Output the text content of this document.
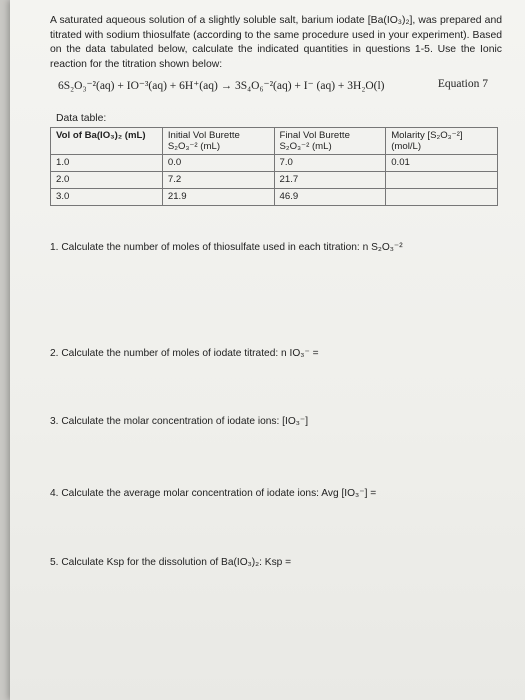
A saturated aqueous solution of a slightly soluble salt, barium iodate [Ba(IO₃)₂], was prepared and titrated with sodium thiosulfate (according to the same procedure used in your experiment). Based on the data tabulated below, calculate the indicated quantities in questions 1-5. Use the Ionic reaction for the titration shown below:

6S₂O₃⁻²(aq) + IO⁻³(aq) + 6H⁺(aq) → 3S₄O₆⁻²(aq) + I⁻ (aq) + 3H₂O(l)	Equation 7
Data table:
Vol of Ba(IO₃)₂ (mL)	Initial Vol Burette S₂O₃⁻² (mL)	Final Vol Burette S₂O₃⁻² (mL)	Molarity [S₂O₃⁻²] (mol/L)
1.0	0.0	7.0	0.01
2.0	7.2	21.7	
3.0	21.9	46.9	
1. Calculate the number of moles of thiosulfate used in each titration: n S₂O₃⁻²
2. Calculate the number of moles of iodate titrated: n IO₃⁻ =
3. Calculate the molar concentration of iodate ions: [IO₃⁻]
4. Calculate the average molar concentration of iodate ions: Avg [IO₃⁻] =
5. Calculate Ksp for the dissolution of Ba(IO₃)₂: Ksp =
